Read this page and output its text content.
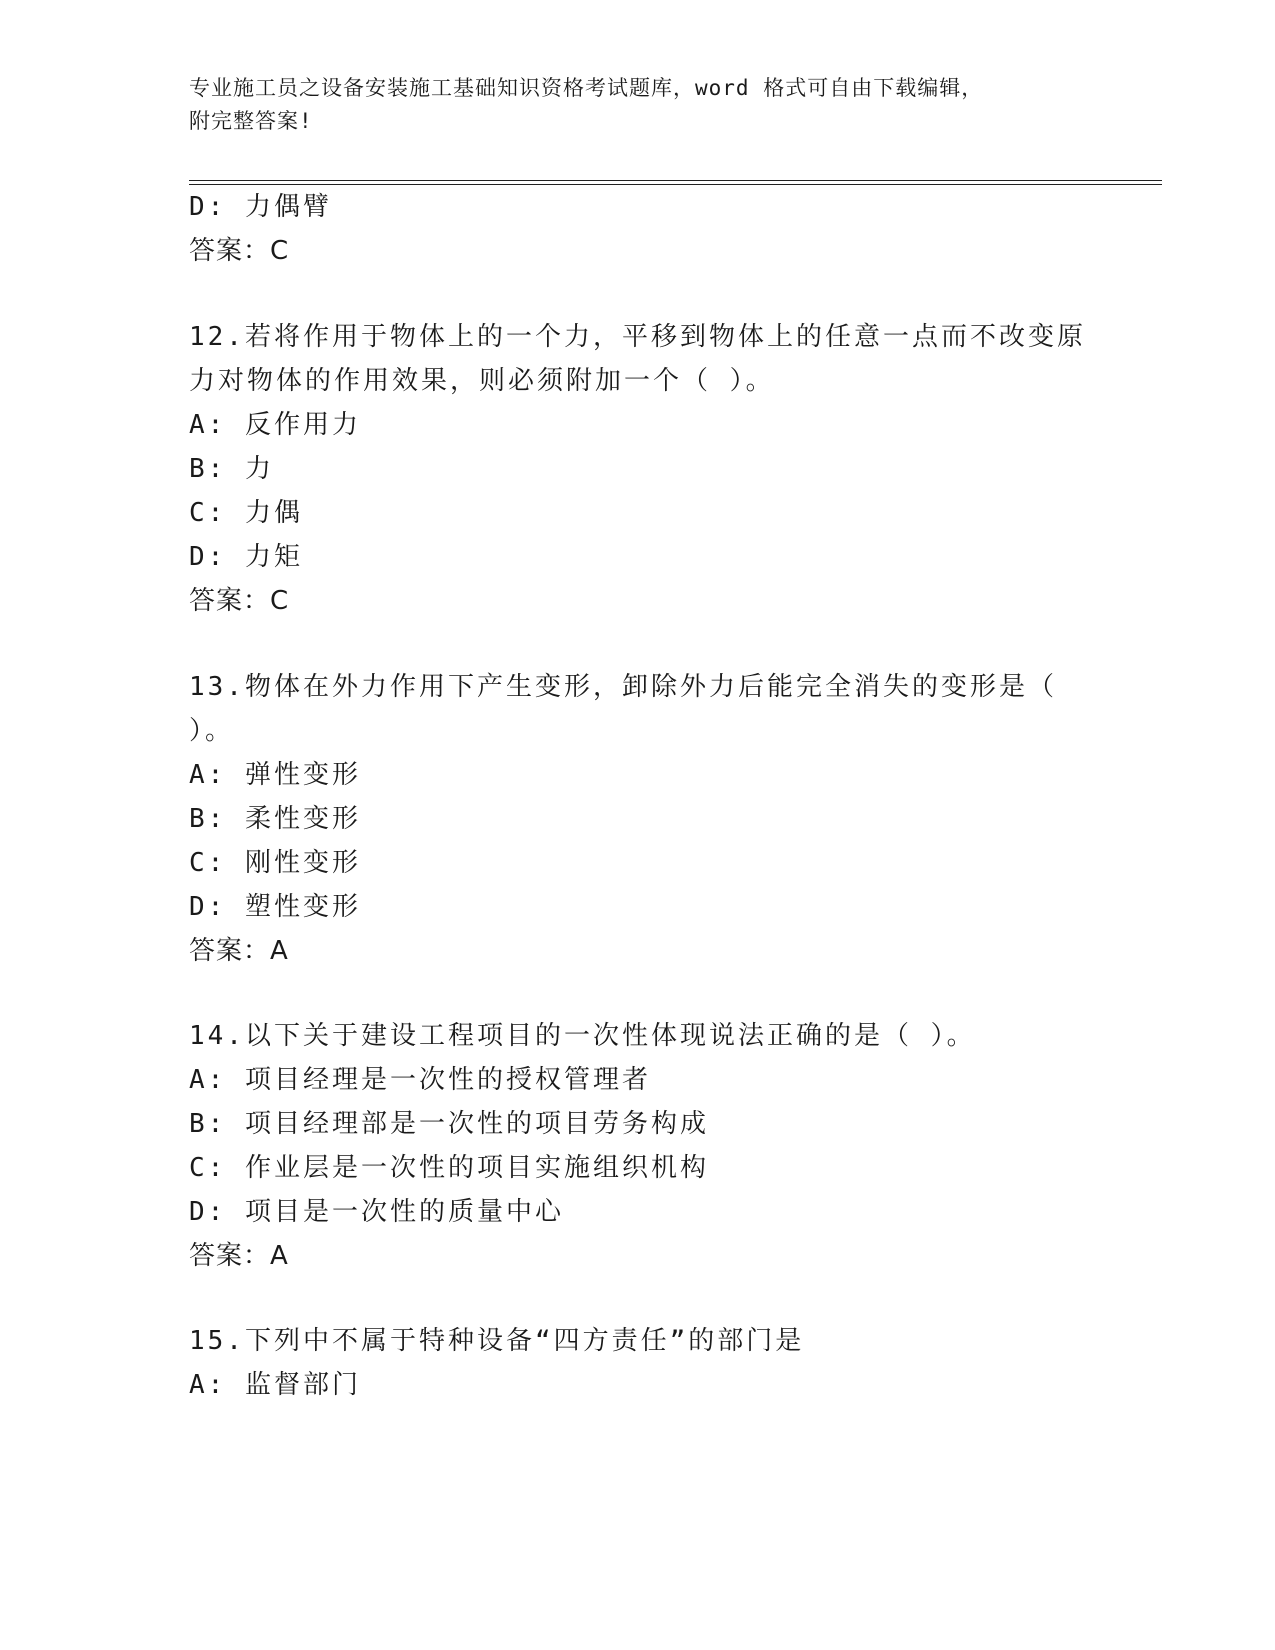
专业施工员之设备安装施工基础知识资格考试题库，word 格式可自由下载编辑，
附完整答案!
D: 力偶臂
答案：C
12.若将作用于物体上的一个力，平移到物体上的任意一点而不改变原
力对物体的作用效果，则必须附加一个（ ）。
A: 反作用力
B: 力
C: 力偶
D: 力矩
答案：C
13.物体在外力作用下产生变形，卸除外力后能完全消失的变形是（
）。
A: 弹性变形
B: 柔性变形
C: 刚性变形
D: 塑性变形
答案：A
14.以下关于建设工程项目的一次性体现说法正确的是（ ）。
A: 项目经理是一次性的授权管理者
B: 项目经理部是一次性的项目劳务构成
C: 作业层是一次性的项目实施组织机构
D: 项目是一次性的质量中心
答案：A
15.下列中不属于特种设备“四方责任”的部门是
A: 监督部门
